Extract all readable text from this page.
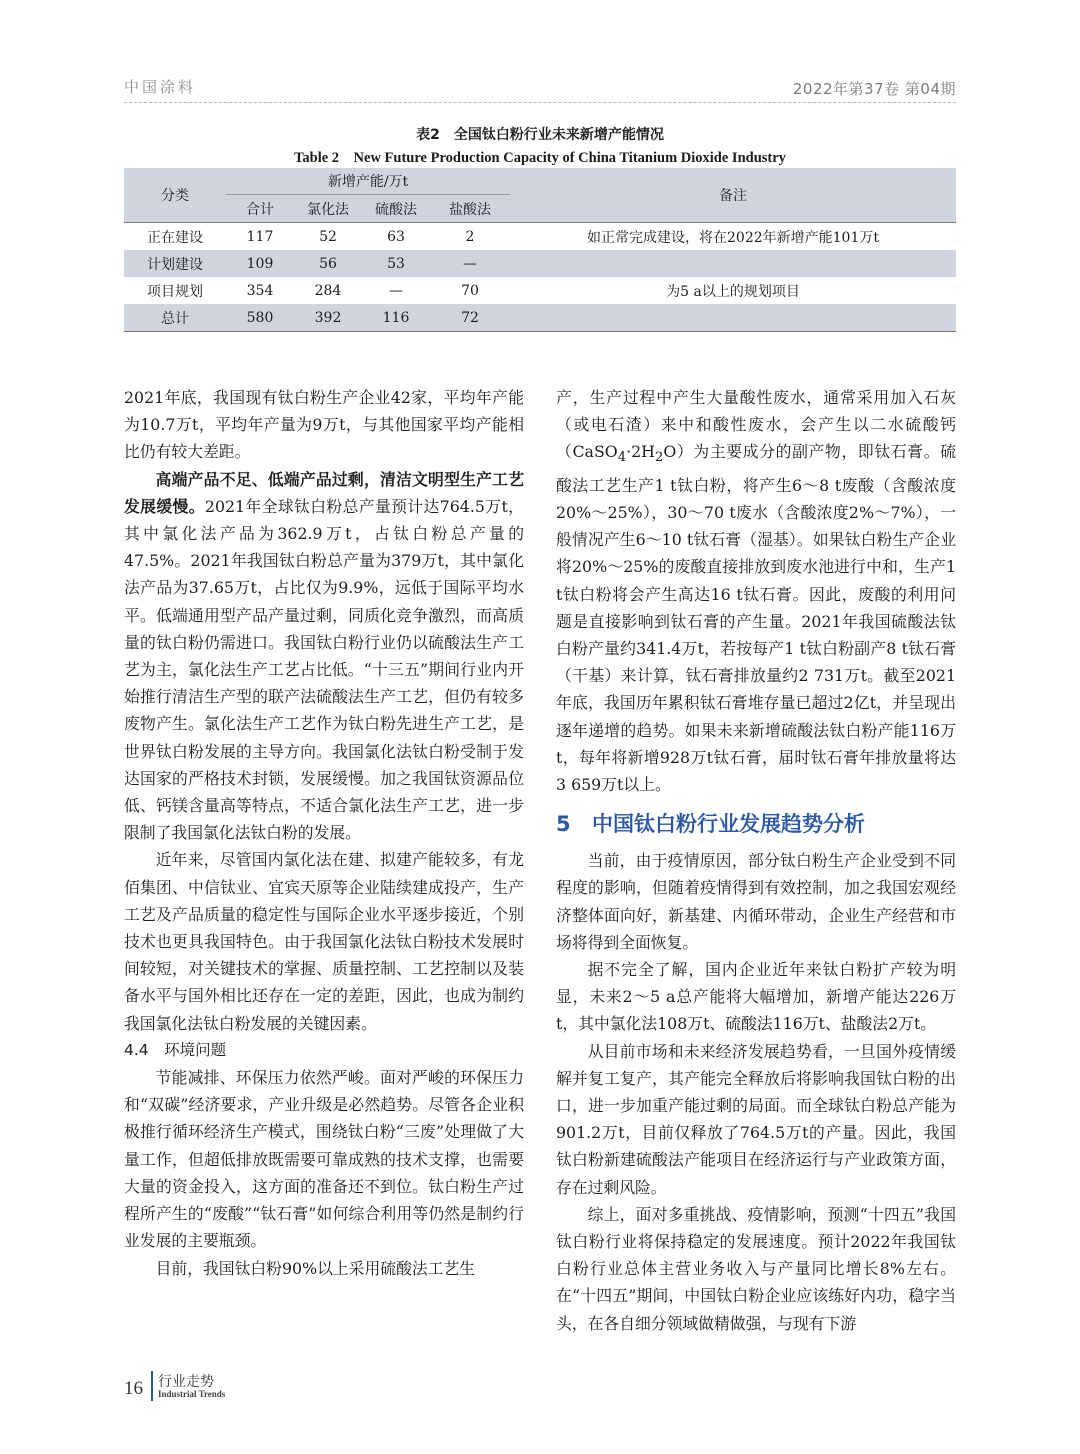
中国涂料	2022年第37卷 第04期
表2　全国钛白粉行业未来新增产能情况
Table 2　New Future Production Capacity of China Titanium Dioxide Industry
分类	新增产能/万t				备注
	合计	氯化法	硫酸法	盐酸法	
正在建设	117	52	63	2	如正常完成建设，将在2022年新增产能101万t
计划建设	109	56	53	—	
项目规划	354	284	—	70	为5 a以上的规划项目
总计	580	392	116	72	

2021年底，我国现有钛白粉生产企业42家，平均年产能为10.7万t，平均年产量为9万t，与其他国家平均产能相比仍有较大差距。

高端产品不足、低端产品过剩，清洁文明型生产工艺发展缓慢。2021年全球钛白粉总产量预计达764.5万t，其中氯化法产品为362.9万t，占钛白粉总产量的47.5%。2021年我国钛白粉总产量为379万t，其中氯化法产品为37.65万t，占比仅为9.9%，远低于国际平均水平。低端通用型产品产量过剩，同质化竞争激烈，而高质量的钛白粉仍需进口。我国钛白粉行业仍以硫酸法生产工艺为主，氯化法生产工艺占比低。“十三五”期间行业内开始推行清洁生产型的联产法硫酸法生产工艺，但仍有较多废物产生。氯化法生产工艺作为钛白粉先进生产工艺，是世界钛白粉发展的主导方向。我国氯化法钛白粉受制于发达国家的严格技术封锁，发展缓慢。加之我国钛资源品位低、钙镁含量高等特点，不适合氯化法生产工艺，进一步限制了我国氯化法钛白粉的发展。

近年来，尽管国内氯化法在建、拟建产能较多，有龙佰集团、中信钛业、宜宾天原等企业陆续建成投产，生产工艺及产品质量的稳定性与国际企业水平逐步接近，个别技术也更具我国特色。由于我国氯化法钛白粉技术发展时间较短，对关键技术的掌握、质量控制、工艺控制以及装备水平与国外相比还存在一定的差距，因此，也成为制约我国氯化法钛白粉发展的关键因素。

4.4　环境问题

节能减排、环保压力依然严峻。面对严峻的环保压力和“双碳”经济要求，产业升级是必然趋势。尽管各企业积极推行循环经济生产模式，围绕钛白粉“三废”处理做了大量工作，但超低排放既需要可靠成熟的技术支撑，也需要大量的资金投入，这方面的准备还不到位。钛白粉生产过程所产生的“废酸”“钛石膏”如何综合利用等仍然是制约行业发展的主要瓶颈。

目前，我国钛白粉90%以上采用硫酸法工艺生

产，生产过程中产生大量酸性废水，通常采用加入石灰（或电石渣）来中和酸性废水，会产生以二水硫酸钙$(CaSO_4\cdot 2H_2O)$为主要成分的副产物，即钛石膏。硫酸法工艺生产1 t钛白粉，将产生6～8 t废酸（含酸浓度20%～25%），30～70 t废水（含酸浓度2%～7%），一般情况产生6～10 t钛石膏（湿基）。如果钛白粉生产企业将20%～25%的废酸直接排放到废水池进行中和，生产1 t钛白粉将会产生高达16 t钛石膏。因此，废酸的利用问题是直接影响到钛石膏的产生量。2021年我国硫酸法钛白粉产量约341.4万t，若按每产1 t钛白粉副产8 t钛石膏（干基）来计算，钛石膏排放量约2 731万t。截至2021年底，我国历年累积钛石膏堆存量已超过2亿t，并呈现出逐年递增的趋势。如果未来新增硫酸法钛白粉产能116万t，每年将新增928万t钛石膏，届时钛石膏年排放量将达3 659万t以上。

5 中国钛白粉行业发展趋势分析

当前，由于疫情原因，部分钛白粉生产企业受到不同程度的影响，但随着疫情得到有效控制，加之我国宏观经济整体面向好，新基建、内循环带动，企业生产经营和市场将得到全面恢复。

据不完全了解，国内企业近年来钛白粉扩产较为明显，未来2～5 a总产能将大幅增加，新增产能达226万t，其中氯化法108万t、硫酸法116万t、盐酸法2万t。

从目前市场和未来经济发展趋势看，一旦国外疫情缓解并复工复产，其产能完全释放后将影响我国钛白粉的出口，进一步加重产能过剩的局面。而全球钛白粉总产能为901.2万t，目前仅释放了764.5万t的产量。因此，我国钛白粉新建硫酸法产能项目在经济运行与产业政策方面，存在过剩风险。

综上，面对多重挑战、疫情影响，预测“十四五”我国钛白粉行业将保持稳定的发展速度。预计2022年我国钛白粉行业总体主营业务收入与产量同比增长8%左右。在“十四五”期间，中国钛白粉企业应该练好内功，稳字当头，在各自细分领域做精做强，与现有下游

16 行业走势
Industrial Trends
